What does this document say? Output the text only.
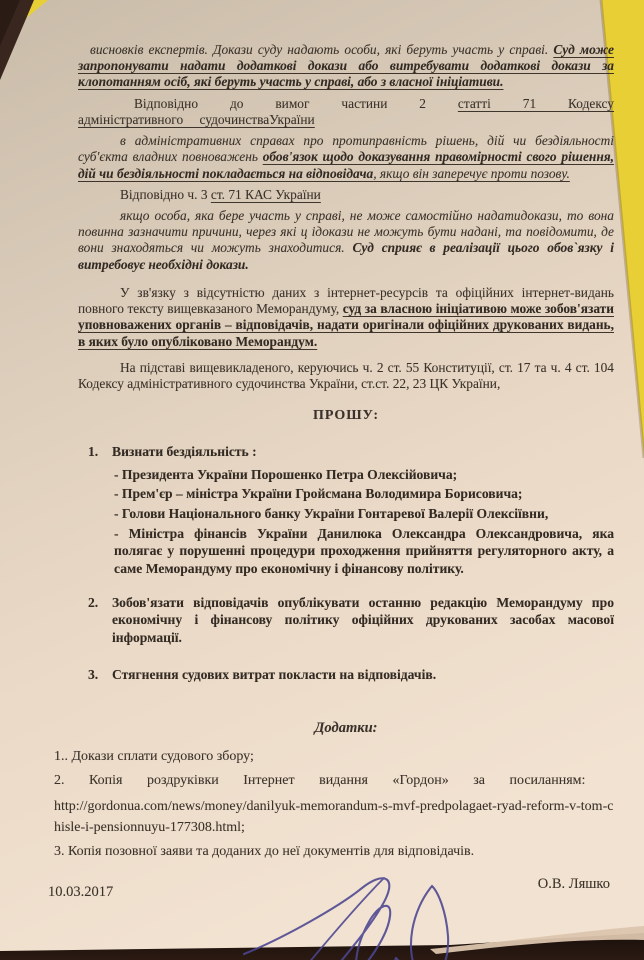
висновків експертів. Докази суду надають особи, які беруть участь у справі. Суд може запропонувати надати додаткові докази або витребувати додаткові докази за клопотанням осіб, які беруть участь у справі, або з власної ініціативи.

Відповідно до вимог частини 2 статті 71 Кодексу адміністративного судочинстваУкраїни

в адміністративних справах про протиправність рішень, дій чи бездіяльності суб'єкта владних повноважень обов'язок щодо доказування правомірності свого рішення, дій чи бездіяльності покладається на відповідача, якщо він заперечує проти позову.

Відповідно ч. 3 ст. 71 КАС України

якщо особа, яка бере участь у справі, не може самостійно надатидокази, то вона повинна зазначити причини, через які ц ідокази не можуть бути надані, та повідомити, де вони знаходяться чи можуть знаходитися. Суд сприяє в реалізації цього обов`язку і витребовує необхідні докази.

У зв'язку з відсутністю даних з інтернет-ресурсів та офіційних інтернет-видань повного тексту вищевказаного Меморандуму, суд за власною ініціативою може зобов'язати уповноважених органів – відповідачів, надати оригінали офіційних друкованих видань, в яких було опубліковано Меморандум.

На підставі вищевикладеного, керуючись ч. 2 ст. 55 Конституції, ст. 17 та ч. 4 ст. 104 Кодексу адміністративного судочинства України, ст.ст. 22, 23 ЦК України,

ПРОШУ:

1.	Визнати бездіяльність :

- Президента України Порошенко Петра Олексійовича;

- Прем'єр – міністра України Гройсмана Володимира Борисовича;

- Голови Національного банку України Гонтаревої Валерії Олексіївни,

- Міністра фінансів України Данилюка Олександра Олександровича, яка полягає у порушенні процедури проходження прийняття регуляторного акту, а саме Меморандуму про економічну і фінансову політику.

2.	Зобов'язати відповідачів опублікувати останню редакцію Меморандуму про економічну і фінансову політику офіційних друкованих засобах масової інформації.

3.	Стягнення судових витрат покласти на відповідачів.

Додатки:

1.. Докази сплати судового збору;

2. Копія роздруківки Інтернет видання «Гордон» за посиланням:

http://gordonua.com/news/money/danilyuk-memorandum-s-mvf-predpolagaet-ryad-reform-v-tom-chisle-i-pensionnuyu-177308.html;

3. Копія позовної заяви та доданих до неї документів для відповідачів.

10.03.2017	О.В. Ляшко
